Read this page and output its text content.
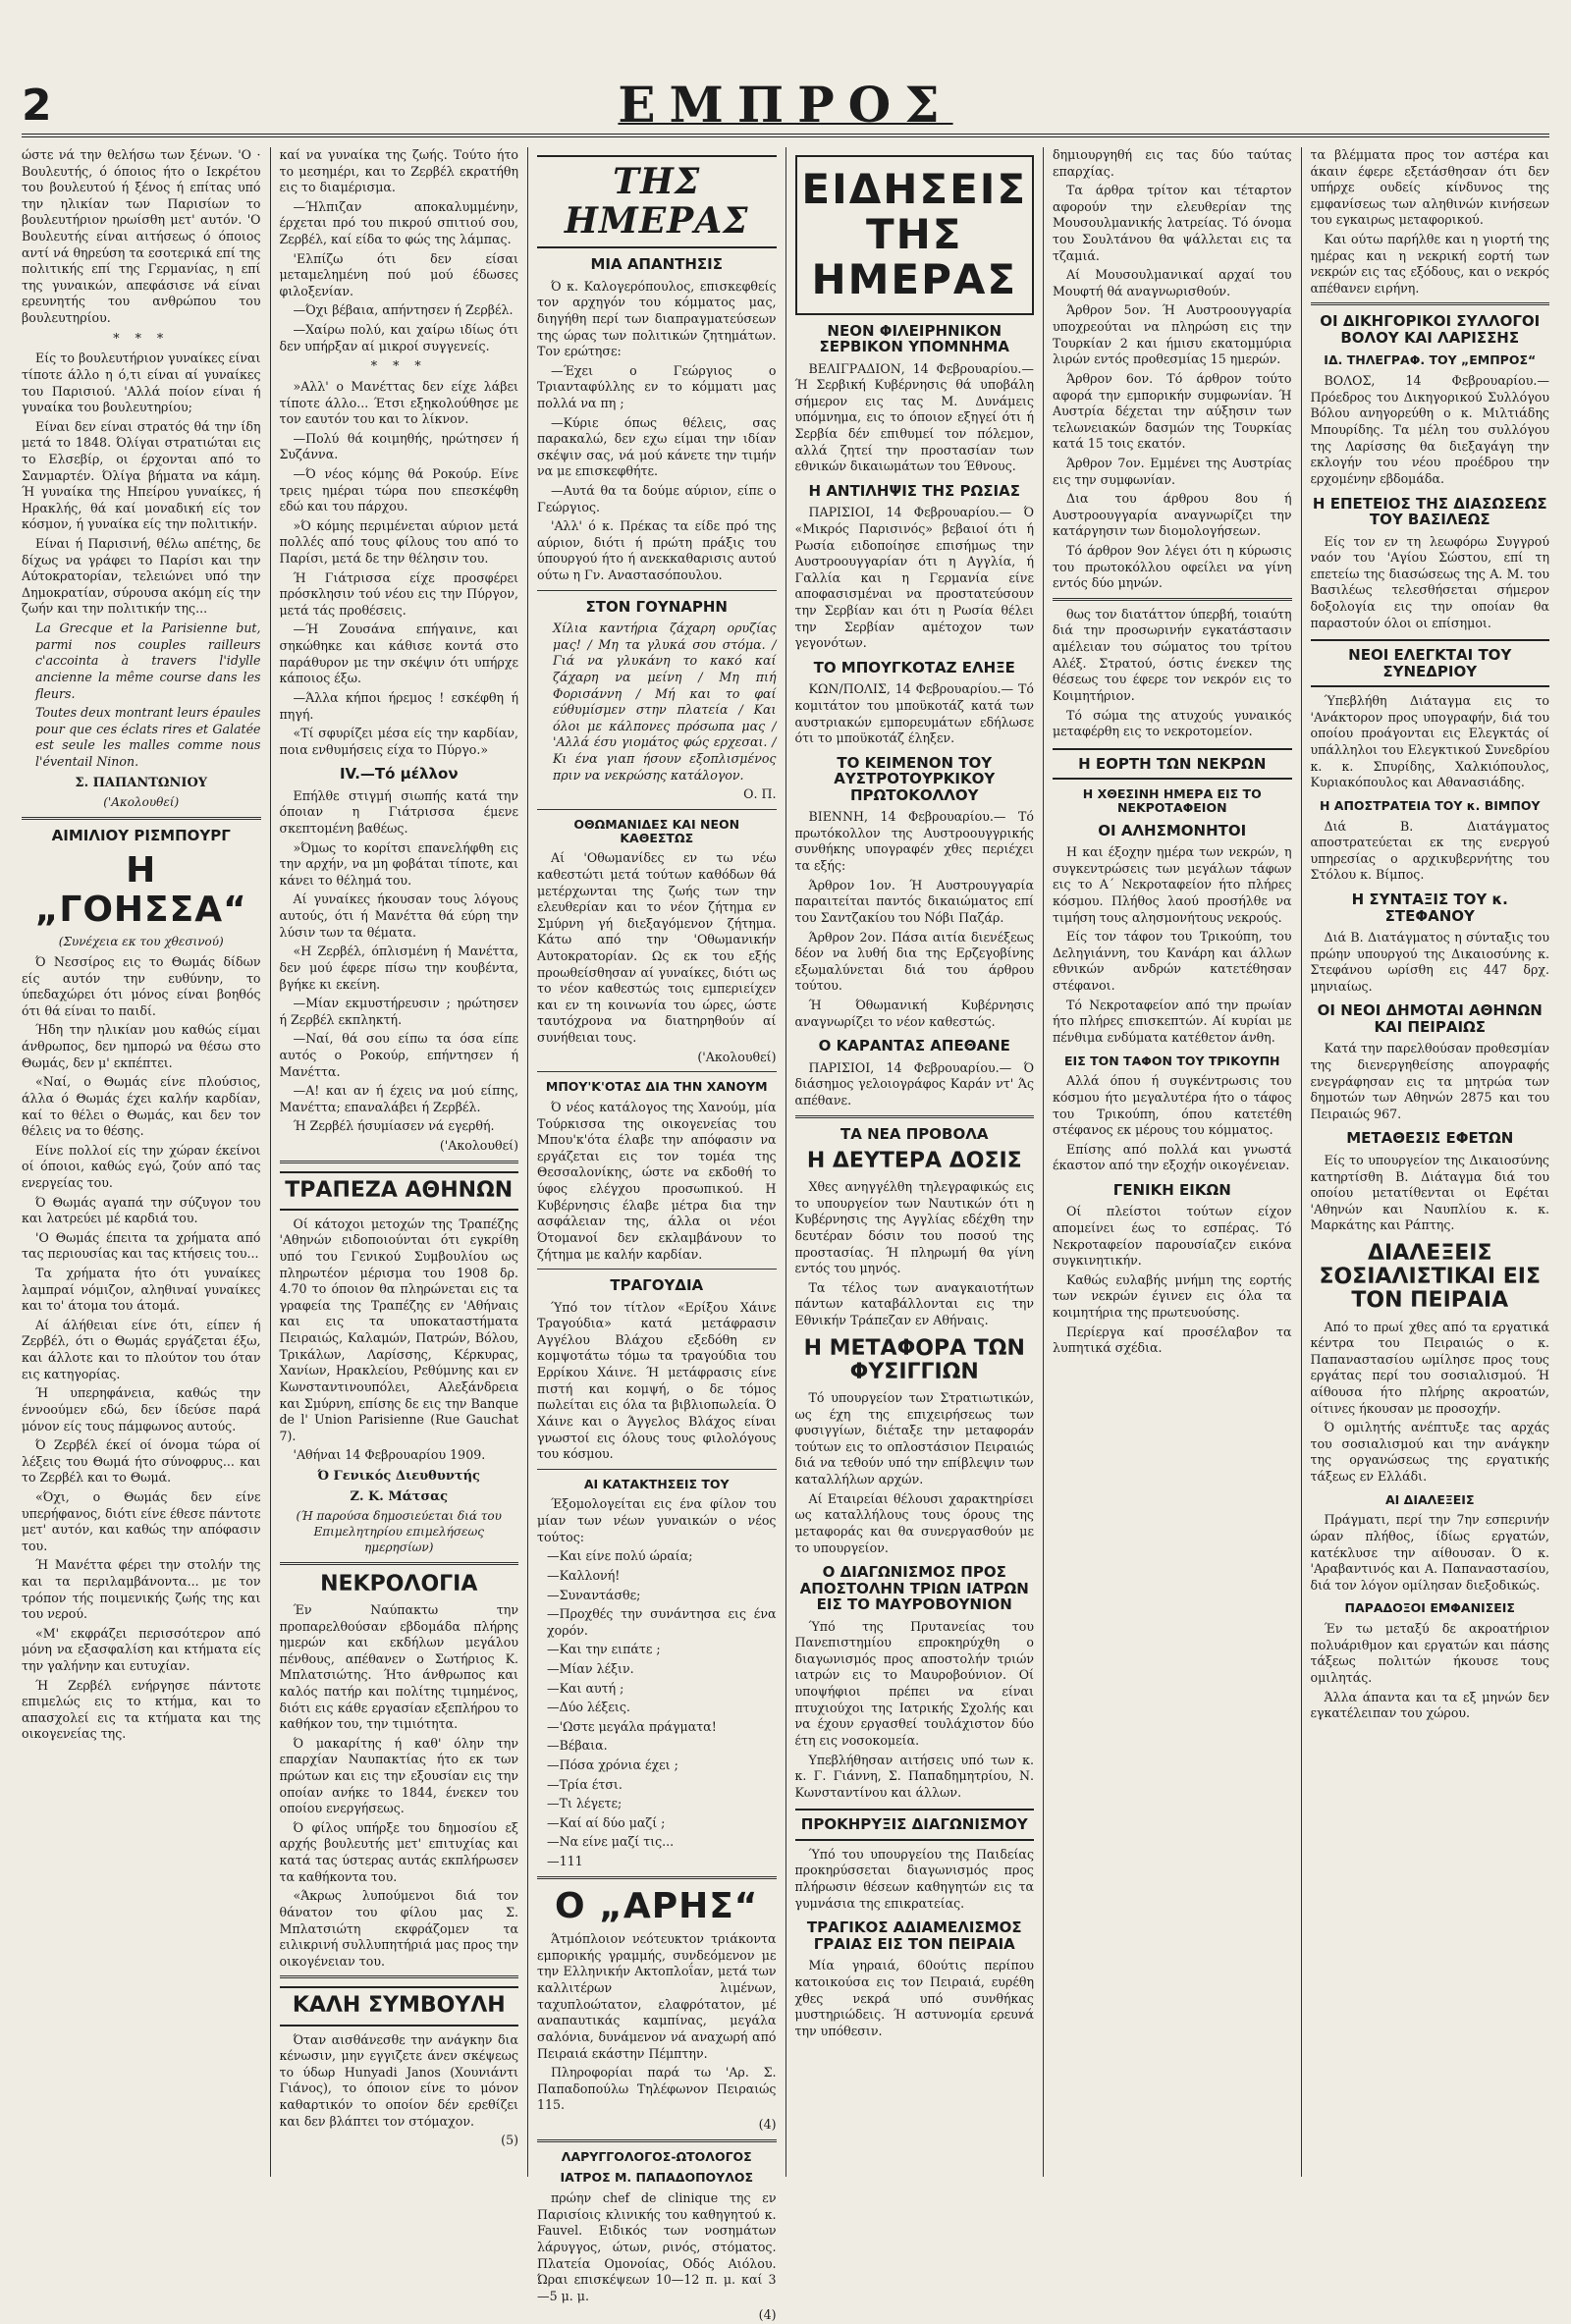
2	ΕΜΠΡΟΣ

ώστε νά την θελήσω των ξένων. 'Ο · Βουλευτής, ό όποιος ήτο ο Ιεκρέτου του βουλευτού ή ξένος ή επίτας υπό την ηλικίαν των Παρισίων το βουλευτήριον ηρωίσθη μετ' αυτόν. 'Ο Βουλευτής είναι αιτήσεως ό όποιος αντί νά θηρεύση τα εσοτερικά επί της πολιτικής επί της Γερμανίας, η επί της γυναικών, απεφάσισε νά είναι ερευνητής του ανθρώπου του βουλευτηρίου.

* * *

Είς το βουλευτήριον γυναίκες είναι τίποτε άλλο η ό,τι είναι αί γυναίκες του Παρισιού. 'Αλλά ποίον είναι ή γυναίκα του βουλευτηρίου;

Είναι δεν είναι στρατός θά την ίδη μετά το 1848. Όλίγαι στρατιώται εις το Ελσεβίρ, οι έρχονται από το Σανμαρτέν. Όλίγα βήματα να κάμη. Ή γυναίκα της Ηπείρου γυναίκες, ή Ηρακλής, θά καί μοναδική είς τον κόσμον, ή γυναίκα είς την πολιτικήν.

Είναι ή Παρισινή, θέλω απέτης, δε δίχως να γράφει το Παρίσι και την Αύτοκρατορίαν, τελειώνει υπό την Δημοκρατίαν, σύρουσα ακόμη είς την ζωήν και την πολιτικήν της...

La Grecque et la Parisienne but, parmi nos couples railleurs c'accointa à travers l'idylle ancienne la même course dans les fleurs.

Toutes deux montrant leurs épaules pour que ces éclats rires et Galatée est seule les malles comme nous l'éventail Ninon.

Σ. ΠΑΠΑΝΤΩΝΙΟΥ
('Ακολουθεί)
ΑΙΜΙΛΙΟΥ ΡΙΣΜΠΟΥΡΓ
Η „ΓΟΗΣΣΑ“
(Συνέχεια εκ του χθεσινού)

Ό Νεσσίρος εις το Θωμάς δίδων είς αυτόν την ευθύνην, το ύπεδαχώρει ότι μόνος είναι βοηθός ότι θά είναι το παιδί.

Ήδη την ηλικίαν μου καθώς είμαι άνθρωπος, δεν ημπορώ να θέσω στο Θωμάς, δεν μ' εκπέπτει.

«Ναί, ο Θωμάς είνε πλούσιος, άλλα ό Θωμάς έχει καλήν καρδίαν, καί το θέλει ο Θωμάς, και δεν τον θέλεις να το θέσης.

Είνε πολλοί είς την χώραν έκείνοι οί όποιοι, καθώς εγώ, ζούν από τας ενεργείας του.

Ό Θωμάς αγαπά την σύζυγον του και λατρεύει μέ καρδιά του.

'Ο Θωμάς έπειτα τα χρήματα από τας περιουσίας και τας κτήσεις του...

Τα χρήματα ήτο ότι γυναίκες λαμπραί νόμιζον, αληθιναί γυναίκες και το' άτομα του άτομά.

Αί άλήθειαι είνε ότι, είπεν ή Ζερβέλ, ότι ο Θωμάς εργάζεται έξω, και άλλοτε και το πλούτον του όταν εις κατηγορίας.

Ή υπερηφάνεια, καθώς την έννοούμεν εδώ, δεν ίδεύσε παρά μόνον είς τους πάμφωνος αυτούς.

Ό Ζερβέλ έκεί οί όνομα τώρα οί λέξεις του Θωμά ήτο σύνοφρυς... και το Ζερβέλ και το Θωμά.

«Όχι, ο Θωμάς δεν είνε υπερήφανος, διότι είνε έθεσε πάντοτε μετ' αυτόν, και καθώς την απόφασιν του.

Ή Μανέττα φέρει την στολήν της και τα περιλαμβάνοντα... με τον τρόπον τής ποιμενικής ζωής της και του νερού.

«Μ' εκφράζει περισσότερον από μόνη να εξασφαλίση και κτήματα είς την γαλήνην και ευτυχίαν.

Ή Ζερβέλ ενήργησε πάντοτε επιμελώς εις το κτήμα, και το απασχολεί εις τα κτήματα και της οικογενείας της.

καί να γυναίκα της ζωής. Τούτο ήτο το μεσημέρι, και το Ζερβέλ εκρατήθη εις το διαμέρισμα.

—Ήλπιζαν αποκαλυμμένην, έρχεται πρό του πικρού σπιτιού σου, Ζερβέλ, καί είδα το φώς της λάμπας.

'Ελπίζω ότι δεν είσαι μεταμελημένη πού μού έδωσες φιλοξενίαν.

—Όχι βέβαια, απήντησεν ή Ζερβέλ.

—Χαίρω πολύ, και χαίρω ιδίως ότι δεν υπήρξαν αί μικροί συγγενείς.

* * *

»Αλλ' ο Μανέττας δεν είχε λάβει τίποτε άλλο... Έτσι εξηκολούθησε με τον εαυτόν του και το λίκνον.

—Πολύ θά κοιμηθής, ηρώτησεν ή Συζάννα.

—Ό νέος κόμης θά Ροκούρ. Είνε τρεις ημέραι τώρα που επεσκέφθη εδώ και του πάρχου.

»Ό κόμης περιμένεται αύριον μετά πολλές από τους φίλους του από το Παρίσι, μετά δε την θέλησιν του.

Ή Γιάτρισσα είχε προσφέρει πρόσκλησιν τού νέου εις την Πύργον, μετά τάς προθέσεις.

—Ή Ζουσάνα επήγαινε, και σηκώθηκε και κάθισε κοντά στο παράθυρον με την σκέψιν ότι υπήρχε κάποιος έξω.

—Άλλα κήποι ήρεμος ! εσκέφθη ή πηγή.

«Τί σφυρίζει μέσα είς την καρδίαν, ποια ενθυμήσεις είχα το Πύργο.»

IV.—Τό μέλλον

Επήλθε στιγμή σιωπής κατά την όποιαν η Γιάτρισσα έμενε σκεπτομένη βαθέως.

»Όμως το κορίτσι επανελήφθη εις την αρχήν, να μη φοβάται τίποτε, και κάνει το θέλημά του.

Αί γυναίκες ήκουσαν τους λόγους αυτούς, ότι ή Μανέττα θά εύρη την λύσιν των τα θέματα.

«Η Ζερβέλ, όπλισμένη ή Μανέττα, δεν μού έφερε πίσω την κουβέντα, βγήκε κι εκείνη.

—Μίαν εκμυστήρευσιν ; ηρώτησεν ή Ζερβέλ εκπληκτή.

—Ναί, θά σου είπω τα όσα είπε αυτός ο Ροκούρ, επήντησεν ή Μανέττα.

—Α! και αν ή έχεις να μού είπης, Μανέττα; επαναλάβει ή Ζερβέλ.

Ή Ζερβέλ ήσυμίασεν νά εγερθή.

('Ακολουθεί)
ΤΡΑΠΕΖΑ ΑΘΗΝΩΝ

Οί κάτοχοι μετοχών της Τραπέζης 'Αθηνών ειδοποιούνται ότι εγκρίθη υπό του Γενικού Συμβουλίου ως πληρωτέον μέρισμα του 1908 δρ. 4.70 το όποιον θα πληρώνεται εις τα γραφεία της Τραπέζης εν 'Αθήναις και εις τα υποκαταστήματα Πειραιώς, Καλαμών, Πατρών, Βόλου, Τρικάλων, Λαρίσσης, Κέρκυρας, Χανίων, Ηρακλείου, Ρεθύμνης και εν Κωνσταντινουπόλει, Αλεξάνδρεια και Σμύρνη, επίσης δε εις την Banque de l' Union Parisienne (Rue Gauchat 7).

'Αθήναι 14 Φεβρουαρίου 1909.

Ό Γενικός Διευθυντής
Ζ. Κ. Μάτσας
(Ή παρούσα δημοσιεύεται διά του Επιμελητηρίου επιμελήσεως ημερησίων)
ΝΕΚΡΟΛΟΓΙΑ

Έν Ναύπακτω την προπαρελθούσαν εβδομάδα πλήρης ημερών και εκδήλων μεγάλου πένθους, απέθανεν ο Σωτήριος Κ. Μπλατσιώτης. Ήτο άνθρωπος και καλός πατήρ και πολίτης τιμημένος, διότι εις κάθε εργασίαν εξεπλήρου το καθήκον του, την τιμιότητα.

Ό μακαρίτης ή καθ' όλην την επαρχίαν Ναυπακτίας ήτο εκ των πρώτων και εις την εξουσίαν εις την οποίαν ανήκε το 1844, ένεκεν του οποίου ενεργήσεως.

Ό φίλος υπήρξε του δημοσίου εξ αρχής βουλευτής μετ' επιτυχίας και κατά τας ύστερας αυτάς εκπλήρωσεν τα καθήκοντα του.

«Άκρως λυπούμενοι διά τον θάνατον του φίλου μας Σ. Μπλατσιώτη εκφράζομεν τα ειλικρινή συλλυπητήριά μας προς την οικογένειαν του.

ΚΑΛΗ ΣΥΜΒΟΥΛΗ

Όταν αισθάνεσθε την ανάγκην δια κένωσιν, μην εγγιζετε άνεν σκέψεως το ύδωρ Hunyadi Janos (Χουνιάντι Γιάνος), το όποιον είνε το μόνον καθαρτικόν το οποίον δέν ερεθίζει και δεν βλάπτει τον στόμαχον.

(5)
ΤΗΣ ΗΜΕΡΑΣ
ΜΙΑ ΑΠΑΝΤΗΣΙΣ

Ό κ. Καλογερόπουλος, επισκεφθείς τον αρχηγόν του κόμματος μας, διηγήθη περί των διαπραγματεύσεων της ώρας των πολιτικών ζητημάτων. Τον ερώτησε:

—Έχει ο Γεώργιος ο Τριανταφύλλης εν το κόμματι μας πολλά να πη ;

—Κύριε όπως θέλεις, σας παρακαλώ, δεν εχω είμαι την ιδίαν σκέψιν σας, νά μού κάνετε την τιμήν να με επισκεφθήτε.

—Αυτά θα τα δούμε αύριον, είπε ο Γεώργιος.

'Αλλ' ό κ. Πρέκας τα είδε πρό της αύριον, διότι ή πρώτη πράξις του ύπουργού ήτο ή ανεκκαθαρισις αυτού ούτω η Γν. Αναστασόπουλου.

ΣΤΟΝ ΓΟΥΝΑΡΗΝ

Χίλια καντήρια ζάχαρη ορυζίας μας! / Μη τα γλυκά σου στόμα. / Γιά να γλυκάνη το κακό καί ζάχαρη να μείνη / Μη πιή Φορισάννη / Μή και το φαί εύθυμίσμεν στην πλατεία / Και όλοι με κάλπονες πρόσωπα μας / 'Αλλά έσυ γιομάτος φώς ερχεσαι. / Κι ένα γιαπ ήσουν εξοπλισμένος πριν να νεκρώσης κατάλογον.

Ο. Π.
ΟΘΩΜΑΝΙΔΕΣ ΚΑΙ ΝΕΟΝ ΚΑΘΕΣΤΩΣ

Αί 'Οθωμανίδες εν τω νέω καθεστώτι μετά τούτων καθόδων θά μετέρχωνται της ζωής των την ελευθερίαν και το νέον ζήτημα εν Σμύρνη γή διεξαγόμενον ζήτημα. Κάτω από την 'Οθωμανικήν Αυτοκρατορίαν. Ως εκ του εξής προωθείσθησαν αί γυναίκες, διότι ως το νέον καθεστώς τοις εμπεριείχεν και εν τη κοινωνία του ώρες, ώστε ταυτόχρονα να διατηρηθούν αί συνήθειαι τους.

('Ακολουθεί)
ΜΠΟΥ'Κ'ΟΤΑΣ ΔΙΑ ΤΗΝ ΧΑΝΟΥΜ

Ό νέος κατάλογος της Χανούμ, μία Τούρκισσα της οικογενείας του Μπου'κ'ότα έλαβε την απόφασιν να εργάζεται εις τον τομέα της Θεσσαλονίκης, ώστε να εκδοθή το ύφος ελέγχου προσωπικού. Η Κυβέρνησις έλαβε μέτρα δια την ασφάλειαν της, άλλα οι νέοι Ότομανοί δεν εκλαμβάνουν το ζήτημα με καλήν καρδίαν.

ΤΡΑΓΟΥΔΙΑ

Ύπό τον τίτλον «Ερίξου Χάινε Τραγούδια» κατά μετάφρασιν Αγγέλου Βλάχου εξεδόθη εν κομψοτάτω τόμω τα τραγούδια του Ερρίκου Χάινε. Ή μετάφρασις είνε πιστή και κομψή, ο δε τόμος πωλείται εις όλα τα βιβλιοπωλεία. Ό Χάινε και ο Άγγελος Βλάχος είναι γνωστοί εις όλους τους φιλολόγους του κόσμου.

ΑΙ ΚΑΤΑΚΤΗΣΕΙΣ ΤΟΥ

Έξομολογείται εις ένα φίλον του μίαν των νέων γυναικών ο νέος τούτος:

—Και είνε πολύ ώραία;

—Καλλονή!

—Συναντάσθε;

—Προχθές την συνάντησα εις ένα χορόν.

—Και την ειπάτε ;

—Μίαν λέξιν.

—Και αυτή ;

—Δύο λέξεις.

—'Ωστε μεγάλα πράγματα!

—Βέβαια.

—Πόσα χρόνια έχει ;

—Τρία έτσι.

—Τι λέγετε;

—Καί αί δύο μαζί ;

—Να είνε μαζί τις...

—111

Ο „ΑΡΗΣ“

Άτμόπλοιον νεότευκτον τριάκοντα εμπορικής γραμμής, συνδεόμενον με την Ελληνικήν Ακτοπλοΐαν, μετά των καλλιτέρων λιμένων, ταχυπλοώτατον, ελαφρότατον, μέ αναπαυτικάς καμπίνας, μεγάλα σαλόνια, δυνάμενον νά αναχωρή από Πειραιά εκάστην Πέμπτην.

Πληροφορίαι παρά τω 'Αρ. Σ. Παπαδοπούλω Τηλέφωνον Πειραιώς 115.

(4)
ΛΑΡΥΓΓΟΛΟΓΟΣ-ΩΤΟΛΟΓΟΣ
ΙΑΤΡΟΣ Μ. ΠΑΠΑΔΟΠΟΥΛΟΣ

πρώην chef de clinique της εν Παρισίοις κλινικής του καθηγητού κ. Fauvel. Ειδικός των νοσημάτων λάρυγγος, ώτων, ρινός, στόματος. Πλατεία Ομονοίας, Οδός Αιόλου. Ώραι επισκέψεων 10—12 π. μ. καί 3—5 μ. μ.

(4)
ΕΙΔΗΣΕΙΣ ΤΗΣ ΗΜΕΡΑΣ
ΝΕΟΝ ΦΙΛΕΙΡΗΝΙΚΟΝ ΣΕΡΒΙΚΟΝ ΥΠΟΜΝΗΜΑ

ΒΕΛΙΓΡΑΔΙΟΝ, 14 Φεβρουαρίου.— Ή Σερβική Κυβέρνησις θά υποβάλη σήμερον εις τας Μ. Δυνάμεις υπόμνημα, εις το όποιον εξηγεί ότι ή Σερβία δέν επιθυμεί τον πόλεμον, αλλά ζητεί την προστασίαν των εθνικών δικαιωμάτων του Έθνους.

Η ΑΝΤΙΛΗΨΙΣ ΤΗΣ ΡΩΣΙΑΣ

ΠΑΡΙΣΙΟΙ, 14 Φεβρουαρίου.— Ό «Μικρός Παρισινός» βεβαιοί ότι ή Ρωσία ειδοποίησε επισήμως την Αυστροουγγαρίαν ότι η Αγγλία, ή Γαλλία και η Γερμανία είνε αποφασισμέναι να προστατεύσουν την Σερβίαν και ότι η Ρωσία θέλει την Σερβίαν αμέτοχον των γεγονότων.

ΤΟ ΜΠΟΥΓΚΟΤΑΖ ΕΛΗΞΕ

ΚΩΝ/ΠΟΛΙΣ, 14 Φεβρουαρίου.— Τό κομιτάτον του μποϋκοτάζ κατά των αυστριακών εμπορευμάτων εδήλωσε ότι το μποϋκοτάζ έληξεν.

ΤΟ ΚΕΙΜΕΝΟΝ ΤΟΥ ΑΥΣΤΡΟΤΟΥΡΚΙΚΟΥ ΠΡΩΤΟΚΟΛΛΟΥ

ΒΙΕΝΝΗ, 14 Φεβρουαρίου.— Τό πρωτόκολλον της Αυστροουγγρικής συνθήκης υπογραφέν χθες περιέχει τα εξής:

Άρθρον 1ον. Ή Αυστρουγγαρία παραιτείται παντός δικαιώματος επί του Σαντζακίου του Νόβι Παζάρ.

Άρθρον 2ον. Πάσα αιτία διενέξεως δέον να λυθή δια της Ερζεγοβίνης εξωμαλύνεται διά του άρθρου τούτου.

Ή Όθωμανική Κυβέρνησις αναγνωρίζει το νέον καθεστώς.

Ο ΚΑΡΑΝΤΑΣ ΑΠΕΘΑΝΕ

ΠΑΡΙΣΙΟΙ, 14 Φεβρουαρίου.— Ό διάσημος γελοιογράφος Καράν ντ' Άς απέθανε.

ΤΑ ΝΕΑ ΠΡΟΒΟΛΑ
Η ΔΕΥΤΕΡΑ ΔΟΣΙΣ

Χθες ανηγγέλθη τηλεγραφικώς εις το υπουργείον των Ναυτικών ότι η Κυβέρνησις της Αγγλίας εδέχθη την δευτέραν δόσιν του ποσού της προστασίας. Ή πληρωμή θα γίνη εντός του μηνός.

Τα τέλος των αναγκαιοτήτων πάντων καταβάλλονται εις την Εθνικήν Τράπεζαν εν Αθήναις.

Η ΜΕΤΑΦΟΡΑ ΤΩΝ ΦΥΣΙΓΓΙΩΝ

Τό υπουργείον των Στρατιωτικών, ως έχη της επιχειρήσεως των φυσιγγίων, διέταξε την μεταφοράν τούτων εις το οπλοστάσιον Πειραιώς διά να τεθούν υπό την επίβλεψιν των καταλλήλων αρχών.

Αί Εταιρείαι θέλουσι χαρακτηρίσει ως καταλλήλους τους όρους της μεταφοράς και θα συνεργασθούν με το υπουργείον.

Ο ΔΙΑΓΩΝΙΣΜΟΣ ΠΡΟΣ ΑΠΟΣΤΟΛΗΝ ΤΡΙΩΝ ΙΑΤΡΩΝ ΕΙΣ ΤΟ ΜΑΥΡΟΒΟΥΝΙΟΝ

Ύπό της Πρυτανείας του Πανεπιστημίου επροκηρύχθη ο διαγωνισμός προς αποστολήν τριών ιατρών εις το Μαυροβούνιον. Οί υποψήφιοι πρέπει να είναι πτυχιούχοι της Ιατρικής Σχολής και να έχουν εργασθεί τουλάχιστον δύο έτη εις νοσοκομεία.

Υπεβλήθησαν αιτήσεις υπό των κ. κ. Γ. Γιάννη, Σ. Παπαδημητρίου, Ν. Κωνσταντίνου και άλλων.

ΠΡΟΚΗΡΥΞΙΣ ΔΙΑΓΩΝΙΣΜΟΥ

Ύπό του υπουργείου της Παιδείας προκηρύσσεται διαγωνισμός προς πλήρωσιν θέσεων καθηγητών εις τα γυμνάσια της επικρατείας.

ΤΡΑΓΙΚΟΣ ΑΔΙΑΜΕΛΙΣΜΟΣ ΓΡΑΙΑΣ ΕΙΣ ΤΟΝ ΠΕΙΡΑΙΑ

Μία γηραιά, 60ούτις περίπου κατοικούσα εις τον Πειραιά, ευρέθη χθες νεκρά υπό συνθήκας μυστηριώδεις. Ή αστυνομία ερευνά την υπόθεσιν.

δημιουργηθή εις τας δύο ταύτας επαρχίας.

Τα άρθρα τρίτον και τέταρτον αφορούν την ελευθερίαν της Μουσουλμανικής λατρείας. Τό όνομα του Σουλτάνου θα ψάλλεται εις τα τζαμιά.

Αί Μουσουλμανικαί αρχαί του Μουφτή θά αναγνωρισθούν.

Άρθρον 5ον. Ή Αυστροουγγαρία υποχρεούται να πληρώση εις την Τουρκίαν 2 και ήμισυ εκατομμύρια λιρών εντός προθεσμίας 15 ημερών.

Άρθρον 6ον. Τό άρθρον τούτο αφορά την εμπορικήν συμφωνίαν. Ή Αυστρία δέχεται την αύξησιν των τελωνειακών δασμών της Τουρκίας κατά 15 τοις εκατόν.

Άρθρον 7ον. Εμμένει της Αυστρίας εις την συμφωνίαν.

Δια του άρθρου 8ου ή Αυστροουγγαρία αναγνωρίζει την κατάργησιν των διομολογήσεων.

Τό άρθρον 9ον λέγει ότι η κύρωσις του πρωτοκόλλου οφείλει να γίνη εντός δύο μηνών.

θως τον διατάττον ύπερβή, τοιαύτη διά την προσωρινήν εγκατάστασιν αμέλειαν του σώματος του τρίτου Αλέξ. Στρατού, όστις ένεκεν της θέσεως του έφερε τον νεκρόν εις το Κοιμητήριον.

Τό σώμα της ατυχούς γυναικός μεταφέρθη εις το νεκροτομείον.

Η ΕΟΡΤΗ ΤΩΝ ΝΕΚΡΩΝ
Η ΧΘΕΣΙΝΗ ΗΜΕΡΑ ΕΙΣ ΤΟ ΝΕΚΡΟΤΑΦΕΙΟΝ
ΟΙ ΑΛΗΣΜΟΝΗΤΟΙ

Η και έξοχην ημέρα των νεκρών, η συγκεντρώσεις των μεγάλων τάφων εις το Α΄ Νεκροταφείον ήτο πλήρες κόσμου. Πλήθος λαού προσήλθε να τιμήση τους αλησμονήτους νεκρούς.

Είς τον τάφον του Τρικούπη, του Δεληγιάννη, του Κανάρη και άλλων εθνικών ανδρών κατετέθησαν στέφανοι.

Τό Νεκροταφείον από την πρωίαν ήτο πλήρες επισκεπτών. Αί κυρίαι με πένθιμα ενδύματα κατέθετον άνθη.

ΕΙΣ ΤΟΝ ΤΑΦΟΝ ΤΟΥ ΤΡΙΚΟΥΠΗ

Αλλά όπου ή συγκέντρωσις του κόσμου ήτο μεγαλυτέρα ήτο ο τάφος του Τρικούπη, όπου κατετέθη στέφανος εκ μέρους του κόμματος.

Επίσης από πολλά και γνωστά έκαστον από την εξοχήν οικογένειαν.

ΓΕΝΙΚΗ ΕΙΚΩΝ

Οί πλείστοι τούτων είχον απομείνει έως το εσπέρας. Τό Νεκροταφείον παρουσίαζεν εικόνα συγκινητικήν.

Καθώς ευλαβής μνήμη της εορτής των νεκρών έγινεν εις όλα τα κοιμητήρια της πρωτευούσης.

Περίεργα καί προσέλαβον τα λυπητικά σχέδια.

τα βλέμματα προς τον αστέρα και άκαιν έφερε εξετάσθησαν ότι δεν υπήρχε ουδείς κίνδυνος της εμφανίσεως των αληθινών κινήσεων του εγκαιρως μεταφορικού.

Και ούτω παρήλθε και η γιορτή της ημέρας και η νεκρική εορτή των νεκρών εις τας εξόδους, και ο νεκρός απέθανεν ειρήνη.

ΟΙ ΔΙΚΗΓΟΡΙΚΟΙ ΣΥΛΛΟΓΟΙ ΒΟΛΟΥ ΚΑΙ ΛΑΡΙΣΣΗΣ
ΙΔ. ΤΗΛΕΓΡΑΦ. ΤΟΥ „ΕΜΠΡΟΣ“

ΒΟΛΟΣ, 14 Φεβρουαρίου.— Πρόεδρος του Δικηγορικού Συλλόγου Βόλου ανηγορεύθη ο κ. Μιλτιάδης Μπουρίδης. Τα μέλη του συλλόγου της Λαρίσσης θα διεξαγάγη την εκλογήν του νέου προέδρου την ερχομένην εβδομάδα.

Η ΕΠΕΤΕΙΟΣ ΤΗΣ ΔΙΑΣΩΣΕΩΣ ΤΟΥ ΒΑΣΙΛΕΩΣ

Είς τον εν τη λεωφόρω Συγγρού ναόν του 'Αγίου Σώστου, επί τη επετείω της διασώσεως της Α. Μ. του Βασιλέως τελεσθήσεται σήμερον δοξολογία εις την οποίαν θα παραστούν όλοι οι επίσημοι.

ΝΕΟΙ ΕΛΕΓΚΤΑΙ ΤΟΥ ΣΥΝΕΔΡΙΟΥ

Ύπεβλήθη Διάταγμα εις το 'Ανάκτορον προς υπογραφήν, διά του οποίου προάγονται εις Ελεγκτάς οί υπάλληλοι του Ελεγκτικού Συνεδρίου κ. κ. Σπυρίδης, Χαλκιόπουλος, Κυριακόπουλος και Αθανασιάδης.

Η ΑΠΟΣΤΡΑΤΕΙΑ ΤΟΥ κ. ΒΙΜΠΟΥ

Διά Β. Διατάγματος αποστρατεύεται εκ της ενεργού υπηρεσίας ο αρχικυβερνήτης του Στόλου κ. Βίμπος.

Η ΣΥΝΤΑΞΙΣ ΤΟΥ κ. ΣΤΕΦΑΝΟΥ

Διά Β. Διατάγματος η σύνταξις του πρώην υπουργού της Δικαιοσύνης κ. Στεφάνου ωρίσθη εις 447 δρχ. μηνιαίως.

ΟΙ ΝΕΟΙ ΔΗΜΟΤΑΙ ΑΘΗΝΩΝ ΚΑΙ ΠΕΙΡΑΙΩΣ

Κατά την παρελθούσαν προθεσμίαν της διενεργηθείσης απογραφής ενεγράφησαν εις τα μητρώα των δημοτών των Αθηνών 2875 και του Πειραιώς 967.

ΜΕΤΑΘΕΣΙΣ ΕΦΕΤΩΝ

Είς το υπουργείον της Δικαιοσύνης κατηρτίσθη Β. Διάταγμα διά του οποίου μετατίθενται οι Εφέται 'Αθηνών και Ναυπλίου κ. κ. Μαρκάτης και Ράπτης.

ΔΙΑΛΕΞΕΙΣ ΣΟΣΙΑΛΙΣΤΙΚΑΙ ΕΙΣ ΤΟΝ ΠΕΙΡΑΙΑ

Από το πρωί χθες από τα εργατικά κέντρα του Πειραιώς ο κ. Παπαναστασίου ωμίλησε προς τους εργάτας περί του σοσιαλισμού. Ή αίθουσα ήτο πλήρης ακροατών, οίτινες ήκουσαν με προσοχήν.

Ό ομιλητής ανέπτυξε τας αρχάς του σοσιαλισμού και την ανάγκην της οργανώσεως της εργατικής τάξεως εν Ελλάδι.

ΑΙ ΔΙΑΛΕΞΕΙΣ

Πράγματι, περί την 7ην εσπερινήν ώραν πλήθος, ίδίως εργατών, κατέκλυσε την αίθουσαν. Ό κ. 'Αραβαντινός και Α. Παπαναστασίου, διά τον λόγον ομίλησαν διεξοδικώς.

ΠΑΡΑΔΟΞΟΙ ΕΜΦΑΝΙΣΕΙΣ

Έν τω μεταξύ δε ακροατήριον πολυάριθμον και εργατών και πάσης τάξεως πολιτών ήκουσε τους ομιλητάς.

Άλλα άπαντα και τα εξ μηνών δεν εγκατέλειπαν του χώρου.
